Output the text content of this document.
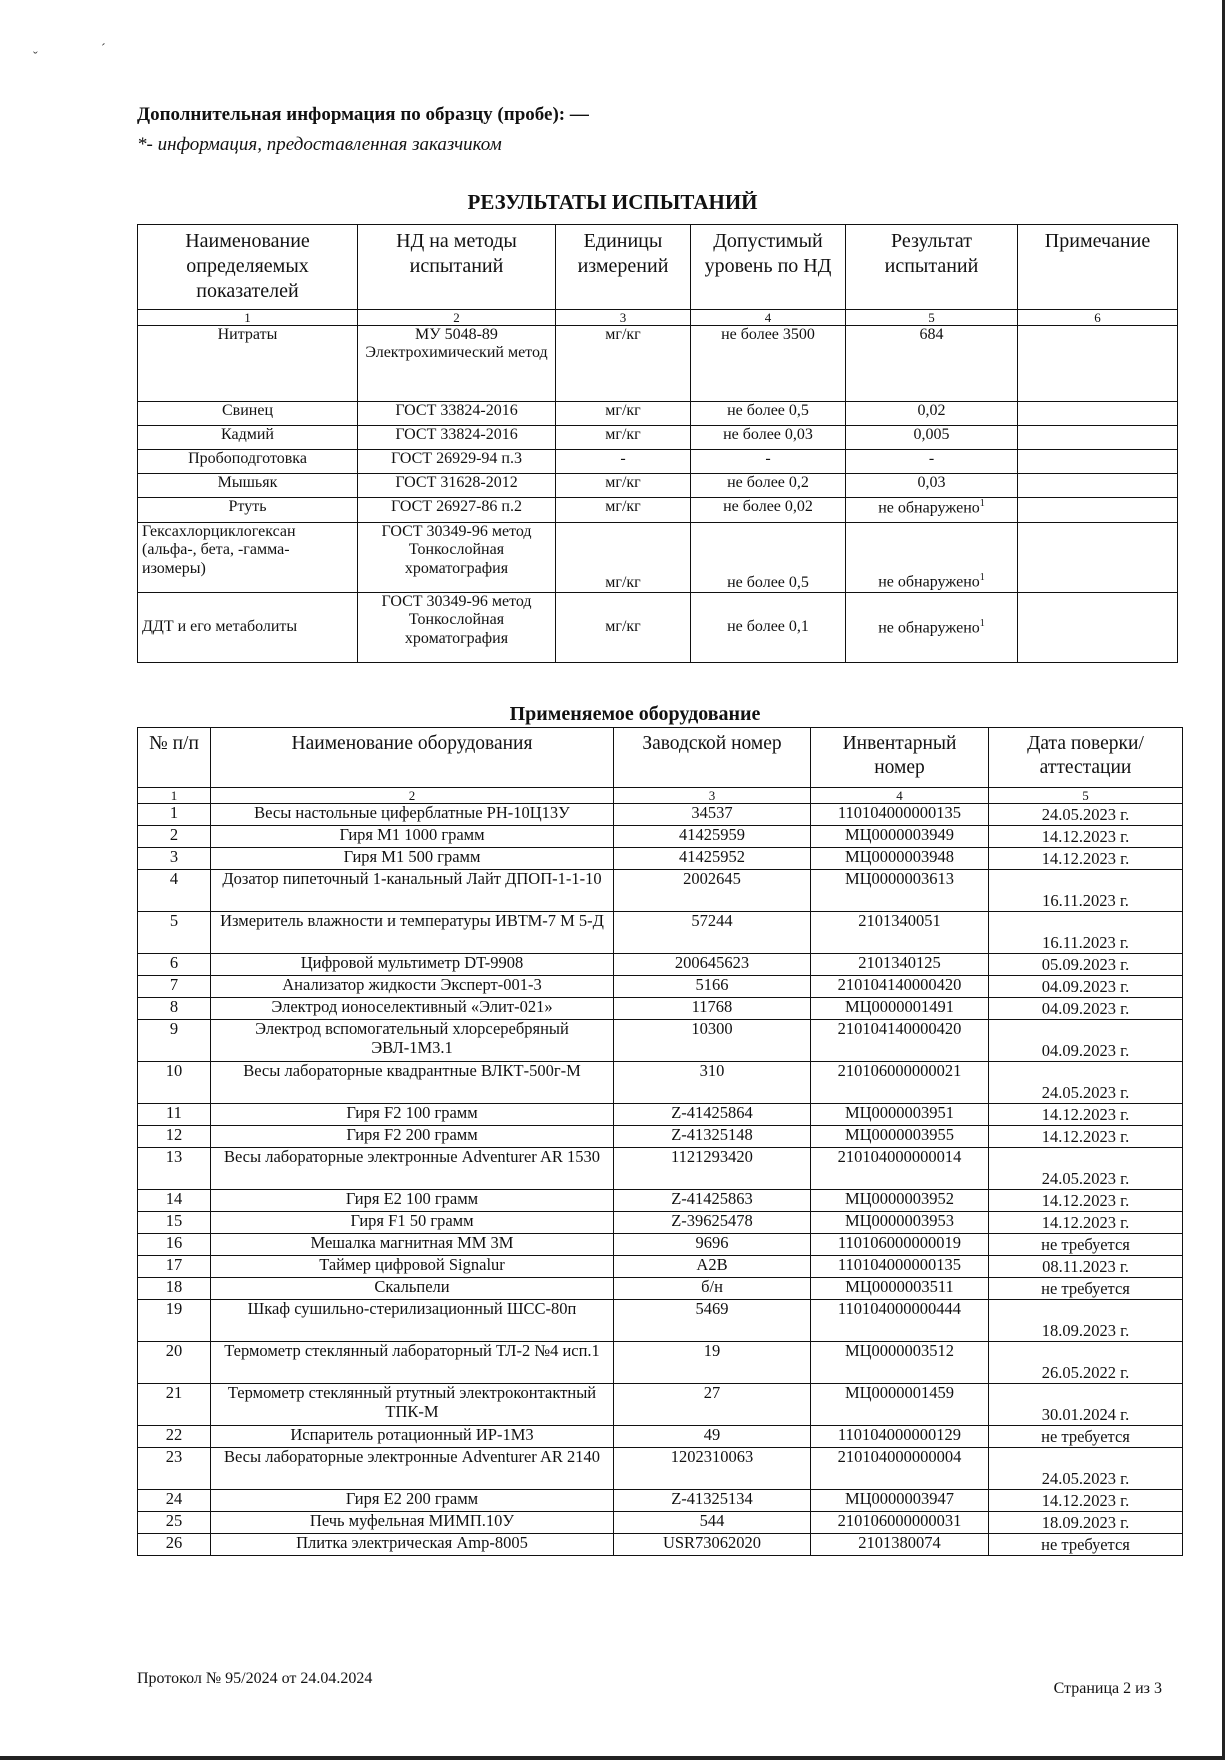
ˇ
ˊ
Дополнительная информация по образцу (пробе): —
*- информация, предоставленная заказчиком
РЕЗУЛЬТАТЫ ИСПЫТАНИЙ
Наименование определяемых показателей	НД на методы испытаний	Единицы измерений	Допустимый уровень по НД	Результат испытаний	Примечание
1	2	3	4	5	6
Нитраты	МУ 5048-89 Электрохимический метод	мг/кг	не более 3500	684	
Свинец	ГОСТ 33824-2016	мг/кг	не более 0,5	0,02	
Кадмий	ГОСТ 33824-2016	мг/кг	не более 0,03	0,005	
Пробоподготовка	ГОСТ 26929-94 п.3	-	-	-	
Мышьяк	ГОСТ 31628-2012	мг/кг	не более 0,2	0,03	
Ртуть	ГОСТ 26927-86 п.2	мг/кг	не более 0,02	не обнаружено$^1$	
Гексахлорциклогексан (альфа-, бета, -гамма-изомеры)	ГОСТ 30349-96 метод Тонкослойная хроматография	мг/кг	не более 0,5	не обнаружено$^1$	
ДДТ и его метаболиты	ГОСТ 30349-96 метод Тонкослойная хроматография	мг/кг	не более 0,1	не обнаружено$^1$	
Применяемое оборудование
№ п/п	Наименование оборудования	Заводской номер	Инвентарный номер	Дата поверки/ аттестации
1	2	3	4	5
1	Весы настольные циферблатные РН-10Ц13У	34537	110104000000135	24.05.2023 г.
2	Гиря М1 1000 грамм	41425959	МЦ0000003949	14.12.2023 г.
3	Гиря М1 500 грамм	41425952	МЦ0000003948	14.12.2023 г.
4	Дозатор пипеточный 1-канальный Лайт ДПОП-1-1-10	2002645	МЦ0000003613	16.11.2023 г.
5	Измеритель влажности и температуры ИВТМ-7 М 5-Д	57244	2101340051	16.11.2023 г.
6	Цифровой мультиметр DT-9908	200645623	2101340125	05.09.2023 г.
7	Анализатор жидкости Эксперт-001-3	5166	210104140000420	04.09.2023 г.
8	Электрод ионоселективный «Элит-021»	11768	МЦ0000001491	04.09.2023 г.
9	Электрод вспомогательный хлорсеребряный ЭВЛ-1М3.1	10300	210104140000420	04.09.2023 г.
10	Весы лабораторные квадрантные ВЛКТ-500г-М	310	210106000000021	24.05.2023 г.
11	Гиря F2 100 грамм	Z-41425864	МЦ0000003951	14.12.2023 г.
12	Гиря F2 200 грамм	Z-41325148	МЦ0000003955	14.12.2023 г.
13	Весы лабораторные электронные Adventurer AR 1530	1121293420	210104000000014	24.05.2023 г.
14	Гиря Е2 100 грамм	Z-41425863	МЦ0000003952	14.12.2023 г.
15	Гиря F1 50 грамм	Z-39625478	МЦ0000003953	14.12.2023 г.
16	Мешалка магнитная ММ 3М	9696	110106000000019	не требуется
17	Таймер цифровой Signalur	A2B	110104000000135	08.11.2023 г.
18	Скальпели	б/н	МЦ0000003511	не требуется
19	Шкаф сушильно-стерилизационный ШСС-80п	5469	110104000000444	18.09.2023 г.
20	Термометр стеклянный лабораторный ТЛ-2 №4 исп.1	19	МЦ0000003512	26.05.2022 г.
21	Термометр стеклянный ртутный электроконтактный ТПК-М	27	МЦ0000001459	30.01.2024 г.
22	Испаритель ротационный ИР-1М3	49	110104000000129	не требуется
23	Весы лабораторные электронные Adventurer AR 2140	1202310063	210104000000004	24.05.2023 г.
24	Гиря Е2 200 грамм	Z-41325134	МЦ0000003947	14.12.2023 г.
25	Печь муфельная МИМП.10У	544	210106000000031	18.09.2023 г.
26	Плитка электрическая Amp-8005	USR73062020	2101380074	не требуется
Протокол № 95/2024 от 24.04.2024
Страница 2 из 3
